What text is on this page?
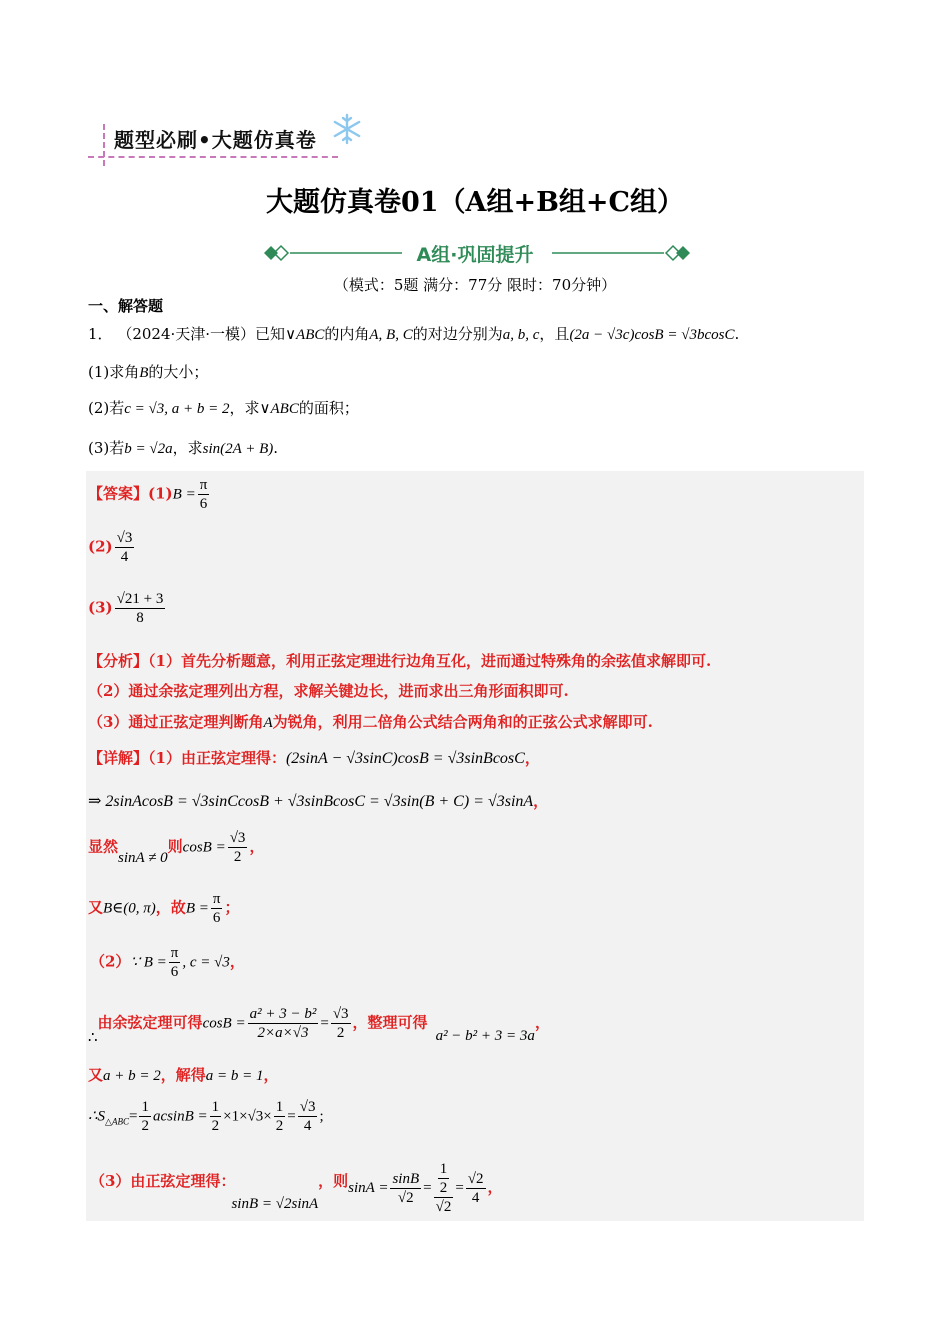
题型必刷•大题仿真卷
大题仿真卷01（A组+B组+C组）
A组·巩固提升
（模式：5题 满分：77分 限时：70分钟）
一、解答题
1． （2024·天津·一模）已知∨ABC的内角A, B, C的对边分别为a, b, c，且(2a − √3c)cosB = √3bcosC.
(1)求角B的大小；
(2)若c = √3, a + b = 2，求∨ABC的面积；
(3)若b = √2a，求sin(2A + B).
【答案】$(1)B = \frac{\pi}{6}$
$(2) \frac{√3}{4}$
$(3) \frac{√21 + 3}{8}$
【分析】（1）首先分析题意，利用正弦定理进行边角互化，进而通过特殊角的余弦值求解即可.
（2）通过余弦定理列出方程，求解关键边长，进而求出三角形面积即可.
（3）通过正弦定理判断角A为锐角，利用二倍角公式结合两角和的正弦公式求解即可.
【详解】（1）由正弦定理得：(2sinA − √3sinC)cosB = √3sinBcosC，
⇒ 2sinAcosB = √3sinCcosB + √3sinBcosC = √3sin(B + C) = √3sinA，
显然sinA ≠ 0则$\cos B = \frac{√3}{2}$ ，
又B∈(0, π)，故$B = \frac{\pi}{6}$ ；
（2）∵ $B = \frac{\pi}{6}$ , c = √3，
∴由余弦定理可得$\cos B = \frac{\text{a² + 3 − b²}}{2\times a\times√3} = \frac{√3}{2}$ ，整理可得a² − b² + 3 = 3a，
又a + b = 2，解得a = b = 1，
$\therefore S_{\triangle ABC}= \frac{1}{2}$ $acsinB = \frac{1}{2} \times 1\times√3\times \frac{1}{2} = \frac{√3}{4}$ ;
（3）由正弦定理得：sinB = √2sinA，则$\sin A = \frac{\sin B}{√2} = \frac{\frac{1}{2}}{√2} = \frac{√2}{4}$ ，
